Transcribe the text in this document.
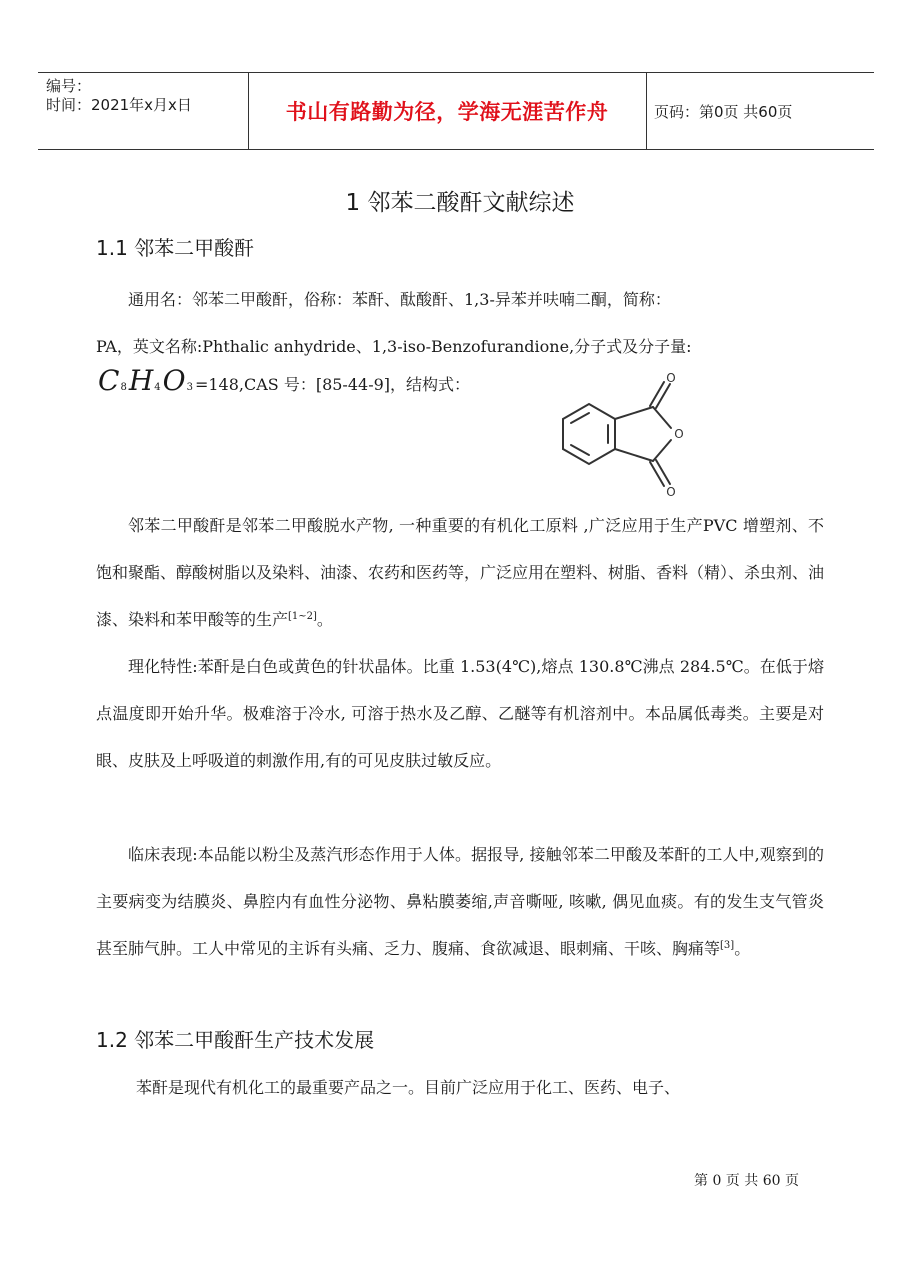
编号：
时间：2021年x月x日	书山有路勤为径，学海无涯苦作舟	页码：第0页 共60页
1 邻苯二酸酐文献综述
1.1 邻苯二甲酸酐
通用名：邻苯二甲酸酐，俗称：苯酐、酞酸酐、1,3-异苯并呋喃二酮，简称：
PA，英文名称:Phthalic anhydride、1,3-iso-Benzofurandione,分子式及分子量:
C 8 H 4 O 3 =148,CAS 号：[85-44-9]，结构式：	O
O
O

邻苯二甲酸酐是邻苯二甲酸脱水产物, 一种重要的有机化工原料 ,广泛应用于生产PVC 增塑剂、不饱和聚酯、醇酸树脂以及染料、油漆、农药和医药等，广泛应用在塑料、树脂、香料（精）、杀虫剂、油漆、染料和苯甲酸等的生产[1~2]。

理化特性:苯酐是白色或黄色的针状晶体。比重 1.53(4℃),熔点 130.8℃沸点 284.5℃。在低于熔点温度即开始升华。极难溶于冷水, 可溶于热水及乙醇、乙醚等有机溶剂中。本品属低毒类。主要是对眼、皮肤及上呼吸道的刺激作用,有的可见皮肤过敏反应。

临床表现:本品能以粉尘及蒸汽形态作用于人体。据报导, 接触邻苯二甲酸及苯酐的工人中,观察到的主要病变为结膜炎、鼻腔内有血性分泌物、鼻粘膜萎缩,声音嘶哑, 咳嗽, 偶见血痰。有的发生支气管炎甚至肺气肿。工人中常见的主诉有头痛、乏力、腹痛、食欲减退、眼刺痛、干咳、胸痛等[3]。

1.2 邻苯二甲酸酐生产技术发展

苯酐是现代有机化工的最重要产品之一。目前广泛应用于化工、医药、电子、

第 0 页 共 60 页
